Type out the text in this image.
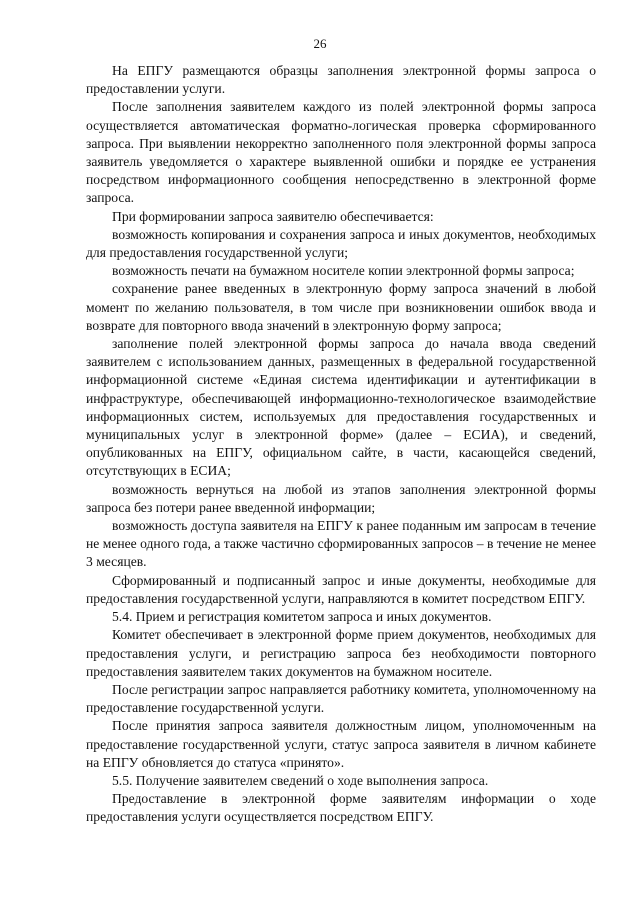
26

На ЕПГУ размещаются образцы заполнения электронной формы запроса о предоставлении услуги.

После заполнения заявителем каждого из полей электронной формы запроса осуществляется автоматическая форматно-логическая проверка сформированного запроса. При выявлении некорректно заполненного поля электронной формы запроса заявитель уведомляется о характере выявленной ошибки и порядке ее устранения посредством информационного сообщения непосредственно в электронной форме запроса.

При формировании запроса заявителю обеспечивается:

возможность копирования и сохранения запроса и иных документов, необходимых для предоставления государственной услуги;

возможность печати на бумажном носителе копии электронной формы запроса;

сохранение ранее введенных в электронную форму запроса значений в любой момент по желанию пользователя, в том числе при возникновении ошибок ввода и возврате для повторного ввода значений в электронную форму запроса;

заполнение полей электронной формы запроса до начала ввода сведений заявителем с использованием данных, размещенных в федеральной государственной информационной системе «Единая система идентификации и аутентификации в инфраструктуре, обеспечивающей информационно-технологическое взаимодействие информационных систем, используемых для предоставления государственных и муниципальных услуг в электронной форме» (далее – ЕСИА), и сведений, опубликованных на ЕПГУ, официальном сайте, в части, касающейся сведений, отсутствующих в ЕСИА;

возможность вернуться на любой из этапов заполнения электронной формы запроса без потери ранее введенной информации;

возможность доступа заявителя на ЕПГУ к ранее поданным им запросам в течение не менее одного года, а также частично сформированных запросов – в течение не менее 3 месяцев.

Сформированный и подписанный запрос и иные документы, необходимые для предоставления государственной услуги, направляются в комитет посредством ЕПГУ.

5.4. Прием и регистрация комитетом запроса и иных документов.

Комитет обеспечивает в электронной форме прием документов, необходимых для предоставления услуги, и регистрацию запроса без необходимости повторного предоставления заявителем таких документов на бумажном носителе.

После регистрации запрос направляется работнику комитета, уполномоченному на предоставление государственной услуги.

После принятия запроса заявителя должностным лицом, уполномоченным на предоставление государственной услуги, статус запроса заявителя в личном кабинете на ЕПГУ обновляется до статуса «принято».

5.5. Получение заявителем сведений о ходе выполнения запроса.

Предоставление в электронной форме заявителям информации о ходе предоставления услуги осуществляется посредством ЕПГУ.
